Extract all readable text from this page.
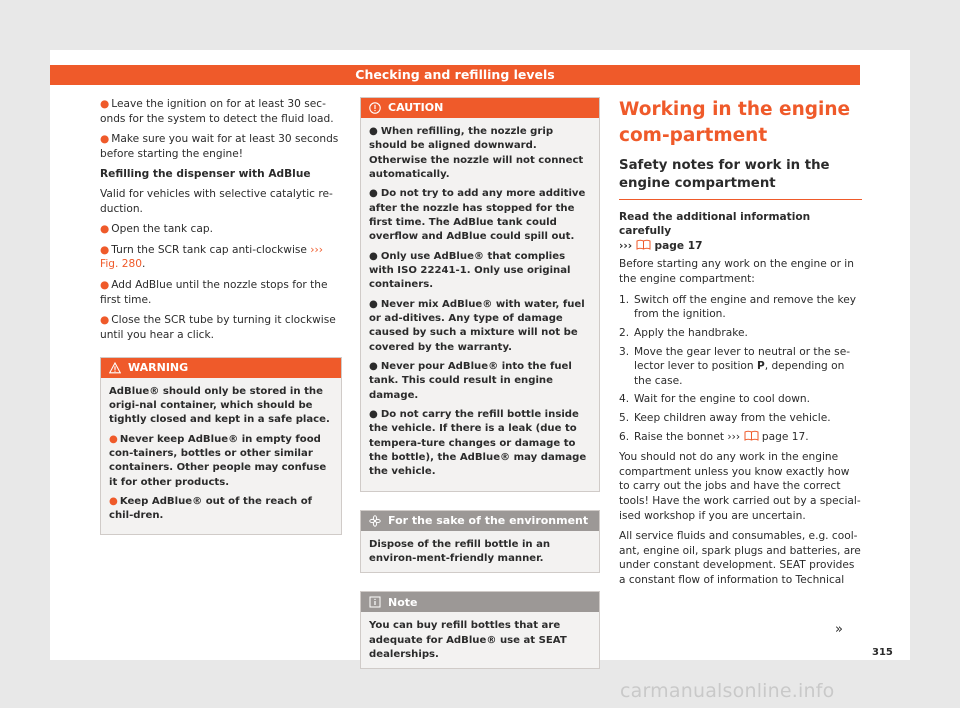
Checking and refilling levels

● Leave the ignition on for at least 30 sec-onds for the system to detect the fluid load.

● Make sure you wait for at least 30 seconds before starting the engine!

Refilling the dispenser with AdBlue

Valid for vehicles with selective catalytic re-duction.

● Open the tank cap.

● Turn the SCR tank cap anti-clockwise ››› Fig. 280.

● Add AdBlue until the nozzle stops for the first time.

● Close the SCR tube by turning it clockwise until you hear a click.

WARNING

AdBlue® should only be stored in the origi-nal container, which should be tightly closed and kept in a safe place.

● Never keep AdBlue® in empty food con-tainers, bottles or other similar containers. Other people may confuse it for other products.

● Keep AdBlue® out of the reach of chil-dren.

CAUTION

● When refilling, the nozzle grip should be aligned downward. Otherwise the nozzle will not connect automatically.

● Do not try to add any more additive after the nozzle has stopped for the first time. The AdBlue tank could overflow and AdBlue could spill out.

● Only use AdBlue® that complies with ISO 22241-1. Only use original containers.

● Never mix AdBlue® with water, fuel or ad-ditives. Any type of damage caused by such a mixture will not be covered by the warranty.

● Never pour AdBlue® into the fuel tank. This could result in engine damage.

● Do not carry the refill bottle inside the vehicle. If there is a leak (due to tempera-ture changes or damage to the bottle), the AdBlue® may damage the vehicle.

For the sake of the environment
Dispose of the refill bottle in an environ-ment-friendly manner.
Note
You can buy refill bottles that are adequate for AdBlue® use at SEAT dealerships.
Working in the engine com-partment
Safety notes for work in the engine compartment

Read the additional information carefully
››› page 17

Before starting any work on the engine or in the engine compartment:

1. Switch off the engine and remove the key from the ignition.
2. Apply the handbrake.
3. Move the gear lever to neutral or the se-lector lever to position P, depending on the case.
4. Wait for the engine to cool down.
5. Keep children away from the vehicle.
6. Raise the bonnet ››› page 17.

You should not do any work in the engine compartment unless you know exactly how to carry out the jobs and have the correct tools! Have the work carried out by a special-ised workshop if you are uncertain.

All service fluids and consumables, e.g. cool-ant, engine oil, spark plugs and batteries, are under constant development. SEAT provides a constant flow of information to Technical

»
315
carmanualsonline.info
